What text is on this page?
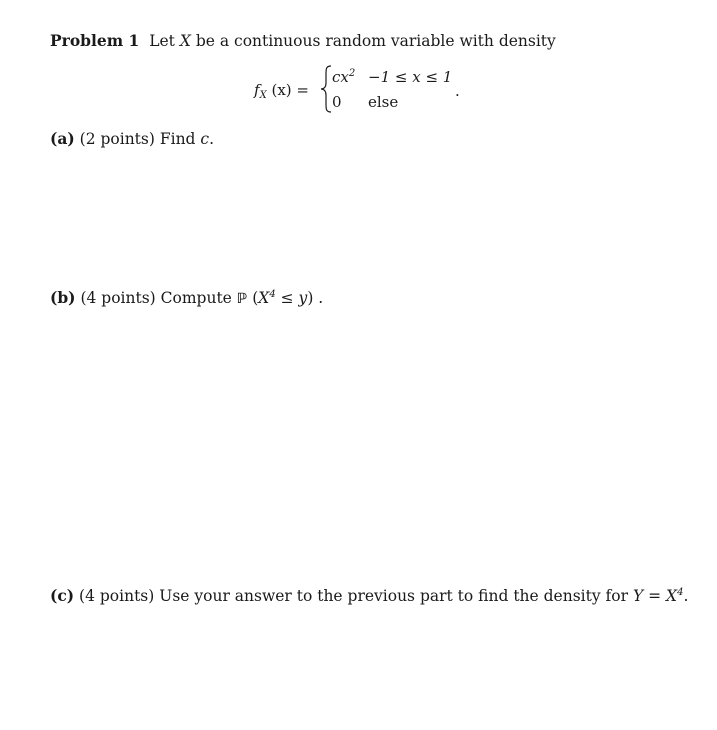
Problem 1 Let X be a continuous random variable with density
$f_X$ (x) =
$cx^2 -1 \le x \le 1$
0 else
.
(a) (2 points) Find c.
(b) (4 points) Compute ℙ $(X^4 \le y)$ .
(c) (4 points) Use your answer to the previous part to find the density for $Y = X^4$.
